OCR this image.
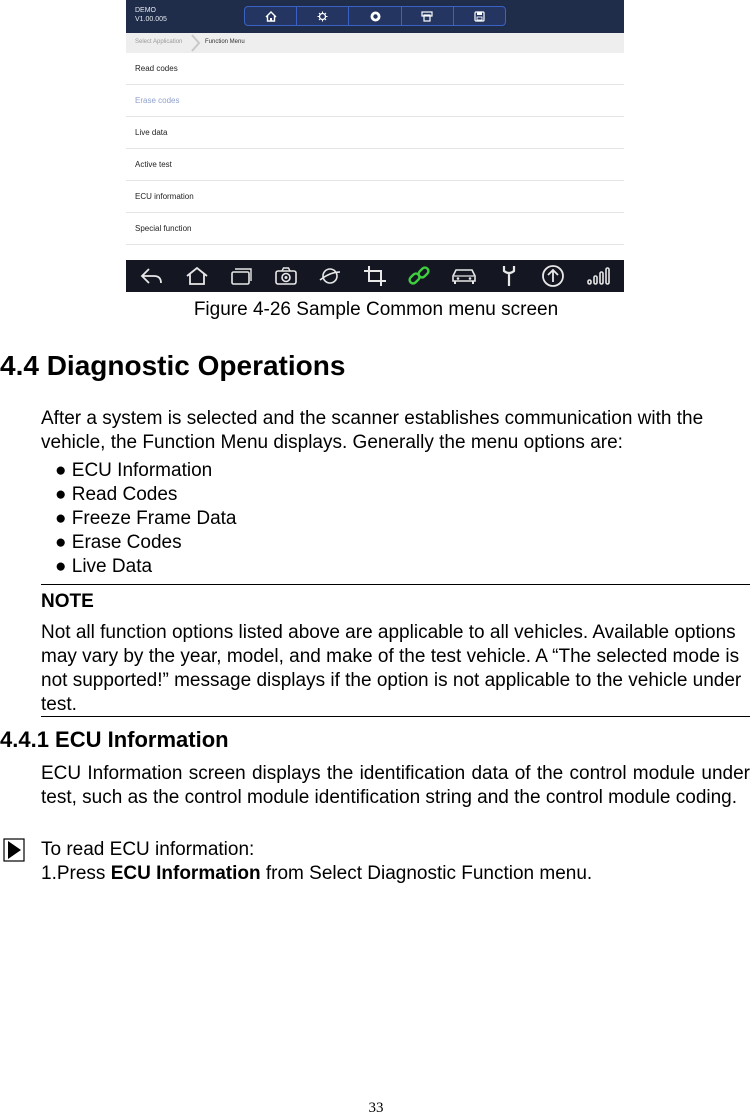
DEMO
V1.00.005
Select Application	Function Menu
Read codes
Erase codes
Live data
Active test
ECU information
Special function
Figure 4-26 Sample Common menu screen
4.4 Diagnostic Operations
After a system is selected and the scanner establishes communication with the vehicle, the Function Menu displays. Generally the menu options are:
● ECU Information
● Read Codes
● Freeze Frame Data
● Erase Codes
● Live Data
NOTE
Not all function options listed above are applicable to all vehicles. Available options may vary by the year, model, and make of the test vehicle. A “The selected mode is not supported!” message displays if the option is not applicable to the vehicle under test.
4.4.1 ECU Information
ECU Information screen displays the identification data of the control module under test, such as the control module identification string and the control module coding.
To read ECU information:
1.Press ECU Information from Select Diagnostic Function menu.
33
